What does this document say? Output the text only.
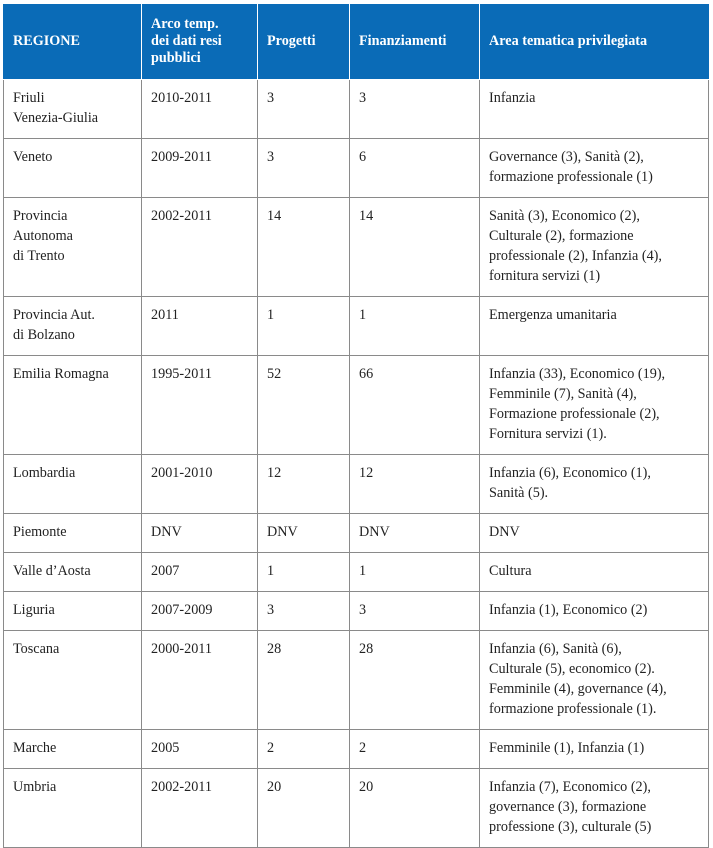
REGIONE	Arco temp.
dei dati resi
pubblici	Progetti	Finanziamenti	Area tematica privilegiata
Friuli
Venezia-Giulia	2010-2011	3	3	Infanzia
Veneto	2009-2011	3	6	Governance (3), Sanità (2),
formazione professionale (1)
Provincia
Autonoma
di Trento	2002-2011	14	14	Sanità (3), Economico (2),
Culturale (2), formazione
professionale (2), Infanzia (4),
fornitura servizi (1)
Provincia Aut.
di Bolzano	2011	1	1	Emergenza umanitaria
Emilia Romagna	1995-2011	52	66	Infanzia (33), Economico (19),
Femminile (7), Sanità (4),
Formazione professionale (2),
Fornitura servizi (1).
Lombardia	2001-2010	12	12	Infanzia (6), Economico (1),
Sanità (5).
Piemonte	DNV	DNV	DNV	DNV
Valle d’Aosta	2007	1	1	Cultura
Liguria	2007-2009	3	3	Infanzia (1), Economico (2)
Toscana	2000-2011	28	28	Infanzia (6), Sanità (6),
Culturale (5), economico (2).
Femminile (4), governance (4),
formazione professionale (1).
Marche	2005	2	2	Femminile (1), Infanzia (1)
Umbria	2002-2011	20	20	Infanzia (7), Economico (2),
governance (3), formazione
professione (3), culturale (5)
